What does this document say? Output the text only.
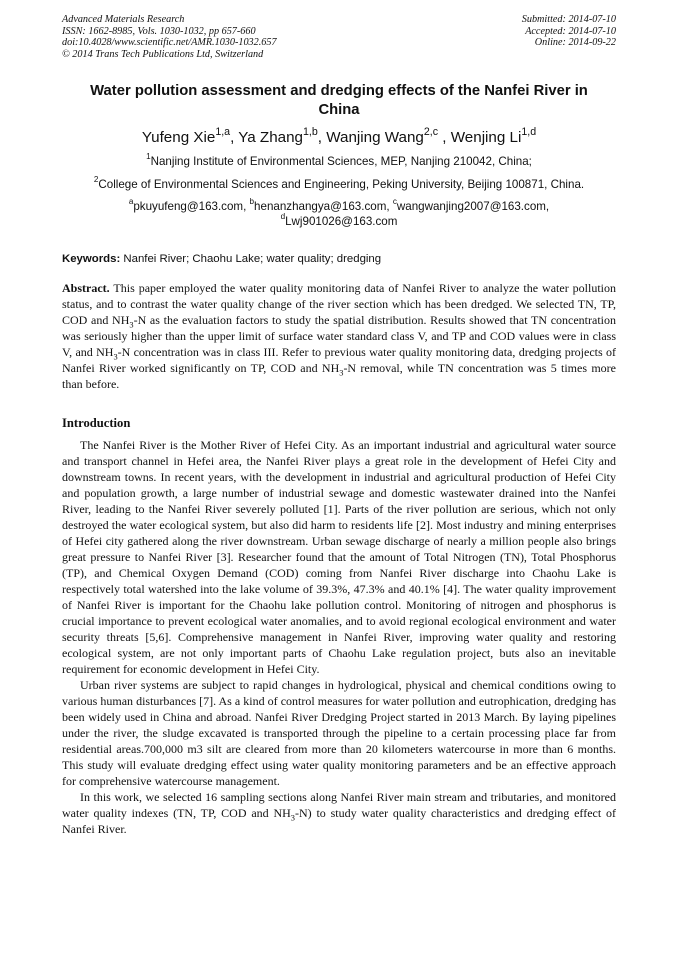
Advanced Materials Research
ISSN: 1662-8985, Vols. 1030-1032, pp 657-660
doi:10.4028/www.scientific.net/AMR.1030-1032.657
© 2014 Trans Tech Publications Ltd, Switzerland
Submitted: 2014-07-10
Accepted: 2014-07-10
Online: 2014-09-22
Water pollution assessment and dredging effects of the Nanfei River in
China
Yufeng Xie$^{1,a}$, Ya Zhang$^{1,b}$, Wanjing Wang$^{2,c}$ , Wenjing Li$^{1,d}$
$^1$Nanjing Institute of Environmental Sciences, MEP, Nanjing 210042, China;
$^2$College of Environmental Sciences and Engineering, Peking University, Beijing 100871, China.
$^a$pkuyufeng@163.com, $^b$henanzhangya@163.com, $^c$wangwanjing2007@163.com,
$^d$Lwj901026@163.com
Keywords: Nanfei River; Chaohu Lake; water quality; dredging
Abstract. This paper employed the water quality monitoring data of Nanfei River to analyze the water pollution status, and to contrast the water quality change of the river section which has been dredged. We selected TN, TP, COD and $NH_3-N$ as the evaluation factors to study the spatial distribution. Results showed that TN concentration was seriously higher than the upper limit of surface water standard class V, and TP and COD values were in class V, and $NH_3-N$ concentration was in class III. Refer to previous water quality monitoring data, dredging projects of Nanfei River worked significantly on TP, COD and $NH_3-N$ removal, while TN concentration was 5 times more than before.
Introduction

The Nanfei River is the Mother River of Hefei City. As an important industrial and agricultural water source and transport channel in Hefei area, the Nanfei River plays a great role in the development of Hefei City and downstream towns. In recent years, with the development in industrial and agricultural production of Hefei City and population growth, a large number of industrial sewage and domestic wastewater drained into the Nanfei River, leading to the Nanfei River severely polluted [1]. Parts of the river pollution are serious, which not only destroyed the water ecological system, but also did harm to residents life [2]. Most industry and mining enterprises of Hefei city gathered along the river downstream. Urban sewage discharge of nearly a million people also brings great pressure to Nanfei River [3]. Researcher found that the amount of Total Nitrogen (TN), Total Phosphorus (TP), and Chemical Oxygen Demand (COD) coming from Nanfei River discharge into Chaohu Lake is respectively total watershed into the lake volume of 39.3%, 47.3% and 40.1% [4]. The water quality improvement of Nanfei River is important for the Chaohu lake pollution control. Monitoring of nitrogen and phosphorus is crucial importance to prevent ecological water anomalies, and to avoid regional ecological environment and water security threats [5,6]. Comprehensive management in Nanfei River, improving water quality and restoring ecological system, are not only important parts of Chaohu Lake regulation project, buts also an inevitable requirement for economic development in Hefei City.

Urban river systems are subject to rapid changes in hydrological, physical and chemical conditions owing to various human disturbances [7]. As a kind of control measures for water pollution and eutrophication, dredging has been widely used in China and abroad. Nanfei River Dredging Project started in 2013 March. By laying pipelines under the river, the sludge excavated is transported through the pipeline to a certain processing place far from residential areas.700,000 m3 silt are cleared from more than 20 kilometers watercourse in more than 6 months. This study will evaluate dredging effect using water quality monitoring parameters and be an effective approach for comprehensive watercourse management.

In this work, we selected 16 sampling sections along Nanfei River main stream and tributaries, and monitored water quality indexes (TN, TP, COD and $NH_3-N$) to study water quality characteristics and dredging effect of Nanfei River.
